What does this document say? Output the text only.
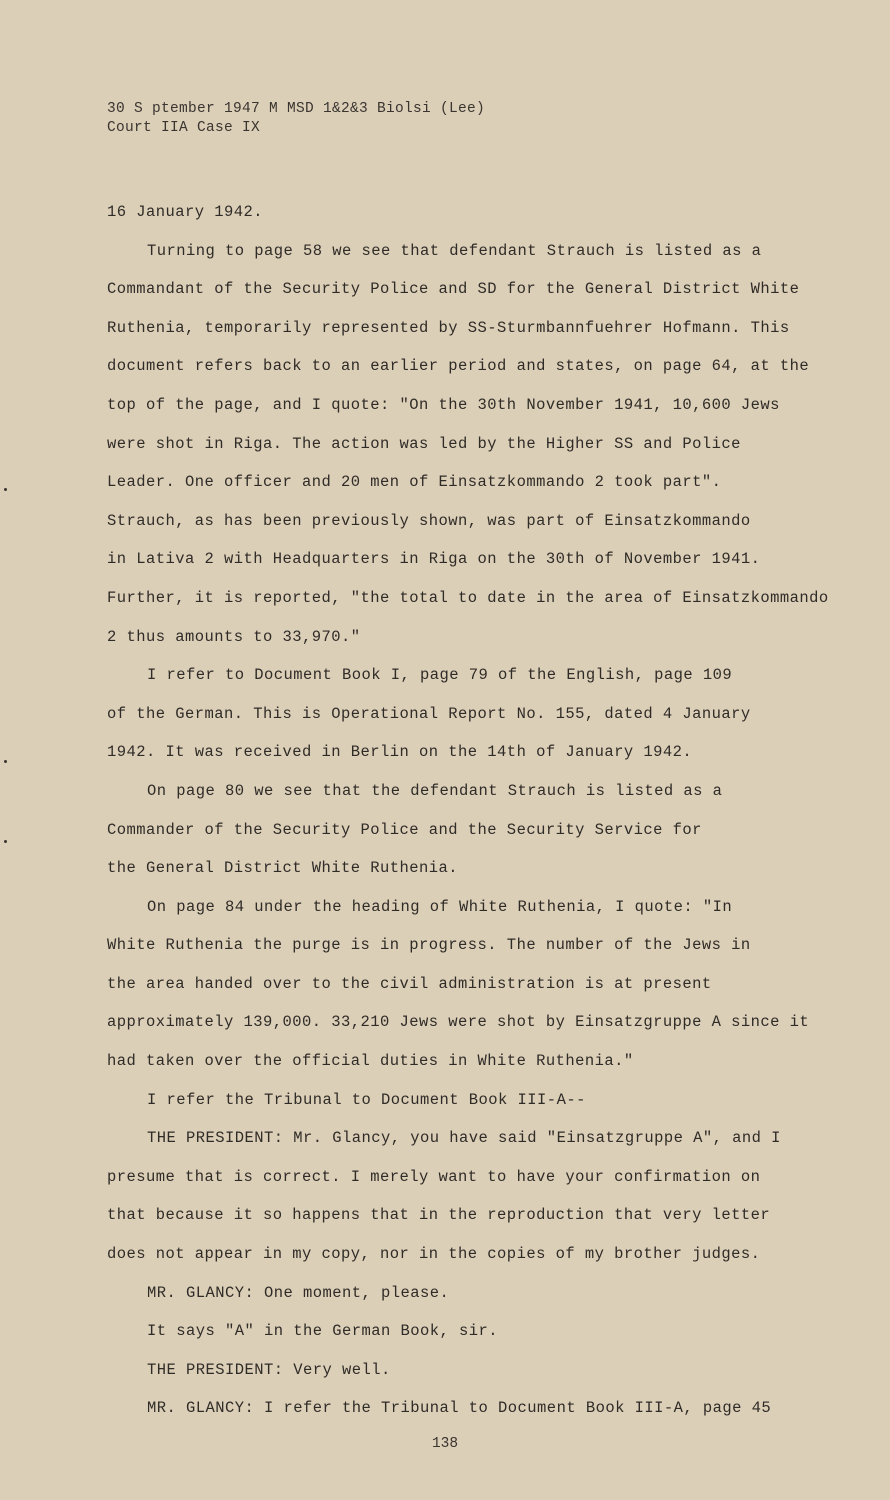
30 S ptember 1947 M MSD 1&2&3 Biolsi (Lee)
Court IIA Case IX
16 January 1942.
Turning to page 58 we see that defendant Strauch is listed as a
Commandant of the Security Police and SD for the General District White
Ruthenia, temporarily represented by SS-Sturmbannfuehrer Hofmann. This
document refers back to an earlier period and states, on page 64, at the
top of the page, and I quote: "On the 30th November 1941, 10,600 Jews
were shot in Riga. The action was led by the Higher SS and Police
Leader. One officer and 20 men of Einsatzkommando 2 took part".
Strauch, as has been previously shown, was part of Einsatzkommando
in Lativa 2 with Headquarters in Riga on the 30th of November 1941.
Further, it is reported, "the total to date in the area of Einsatzkommando
2 thus amounts to 33,970."
I refer to Document Book I, page 79 of the English, page 109
of the German. This is Operational Report No. 155, dated 4 January
1942. It was received in Berlin on the 14th of January 1942.
On page 80 we see that the defendant Strauch is listed as a
Commander of the Security Police and the Security Service for
the General District White Ruthenia.
On page 84 under the heading of White Ruthenia, I quote: "In
White Ruthenia the purge is in progress. The number of the Jews in
the area handed over to the civil administration is at present
approximately 139,000. 33,210 Jews were shot by Einsatzgruppe A since it
had taken over the official duties in White Ruthenia."
I refer the Tribunal to Document Book III-A--
THE PRESIDENT: Mr. Glancy, you have said "Einsatzgruppe A", and I
presume that is correct. I merely want to have your confirmation on
that because it so happens that in the reproduction that very letter
does not appear in my copy, nor in the copies of my brother judges.
MR. GLANCY: One moment, please.
It says "A" in the German Book, sir.
THE PRESIDENT: Very well.
MR. GLANCY: I refer the Tribunal to Document Book III-A, page 45
138
